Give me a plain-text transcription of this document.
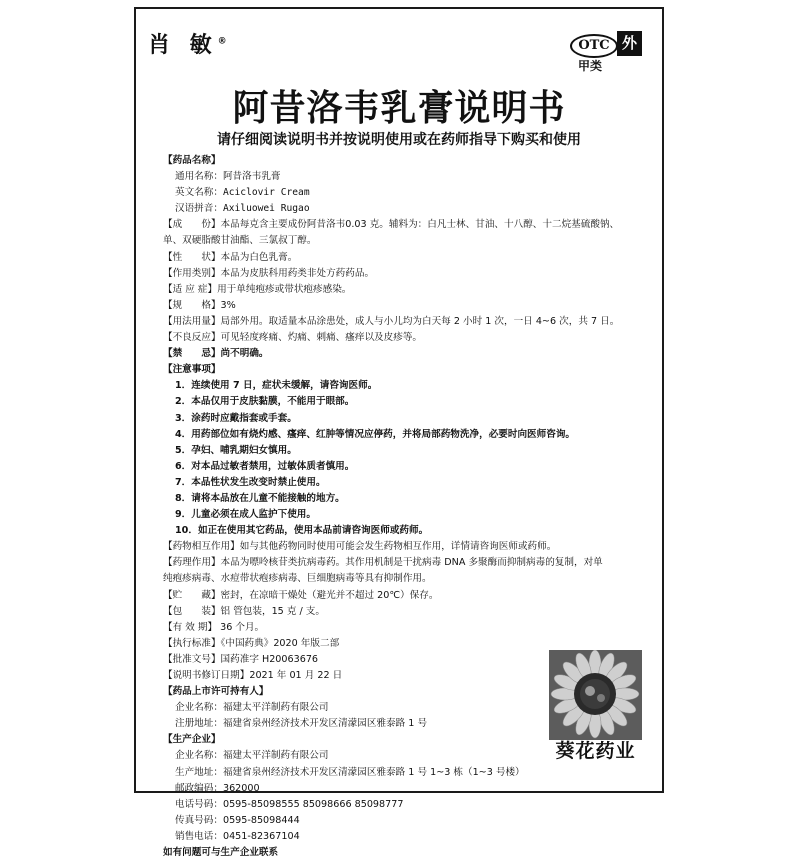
肖 敏®	OTC 外
甲类
阿昔洛韦乳膏说明书
请仔细阅读说明书并按说明使用或在药师指导下购买和使用
【药品名称】
通用名称：阿昔洛韦乳膏
英文名称：Aciclovir Cream
汉语拼音：Axiluowei Rugao
【成　　份】本品每克含主要成份阿昔洛韦0.03 克。辅料为：白凡士林、甘油、十八醇、十二烷基硫酸钠、
单、双硬脂酸甘油酯、三氯叔丁醇。
【性　　状】本品为白色乳膏。
【作用类别】本品为皮肤科用药类非处方药药品。
【适 应 症】用于单纯疱疹或带状疱疹感染。
【规　　格】3%
【用法用量】局部外用。取适量本品涂患处，成人与小儿均为白天每 2 小时 1 次，一日 4~6 次，共 7 日。
【不良反应】可见轻度疼痛、灼痛、刺痛、瘙痒以及皮疹等。
【禁　　忌】尚不明确。
【注意事项】
1．连续使用 7 日，症状未缓解，请咨询医师。
2．本品仅用于皮肤黏膜，不能用于眼部。
3．涂药时应戴指套或手套。
4．用药部位如有烧灼感、瘙痒、红肿等情况应停药，并将局部药物洗净，必要时向医师咨询。
5．孕妇、哺乳期妇女慎用。
6．对本品过敏者禁用，过敏体质者慎用。
7．本品性状发生改变时禁止使用。
8．请将本品放在儿童不能接触的地方。
9．儿童必须在成人监护下使用。
10．如正在使用其它药品，使用本品前请咨询医师或药师。
【药物相互作用】如与其他药物同时使用可能会发生药物相互作用，详情请咨询医师或药师。
【药理作用】本品为嘌呤核苷类抗病毒药。其作用机制是干扰病毒 DNA 多聚酶而抑制病毒的复制，对单
纯疱疹病毒、水痘带状疱疹病毒、巨细胞病毒等具有抑制作用。
【贮　　藏】密封，在凉暗干燥处（避光并不超过 20℃）保存。
【包　　装】铝 管包装，15 克 / 支。
【有 效 期】 36 个月。
【执行标准】《中国药典》2020 年版二部
【批准文号】国药准字 H20063676
【说明书修订日期】2021 年 01 月 22 日
【药品上市许可持有人】
企业名称：福建太平洋制药有限公司
注册地址：福建省泉州经济技术开发区清濛园区雅泰路 1 号
【生产企业】
企业名称：福建太平洋制药有限公司
生产地址：福建省泉州经济技术开发区清濛园区雅泰路 1 号 1~3 栋（1~3 号楼）
邮政编码：362000
电话号码：0595-85098555 85098666 85098777
传真号码：0595-85098444
销售电话：0451-82367104
如有问题可与生产企业联系
葵花药业
